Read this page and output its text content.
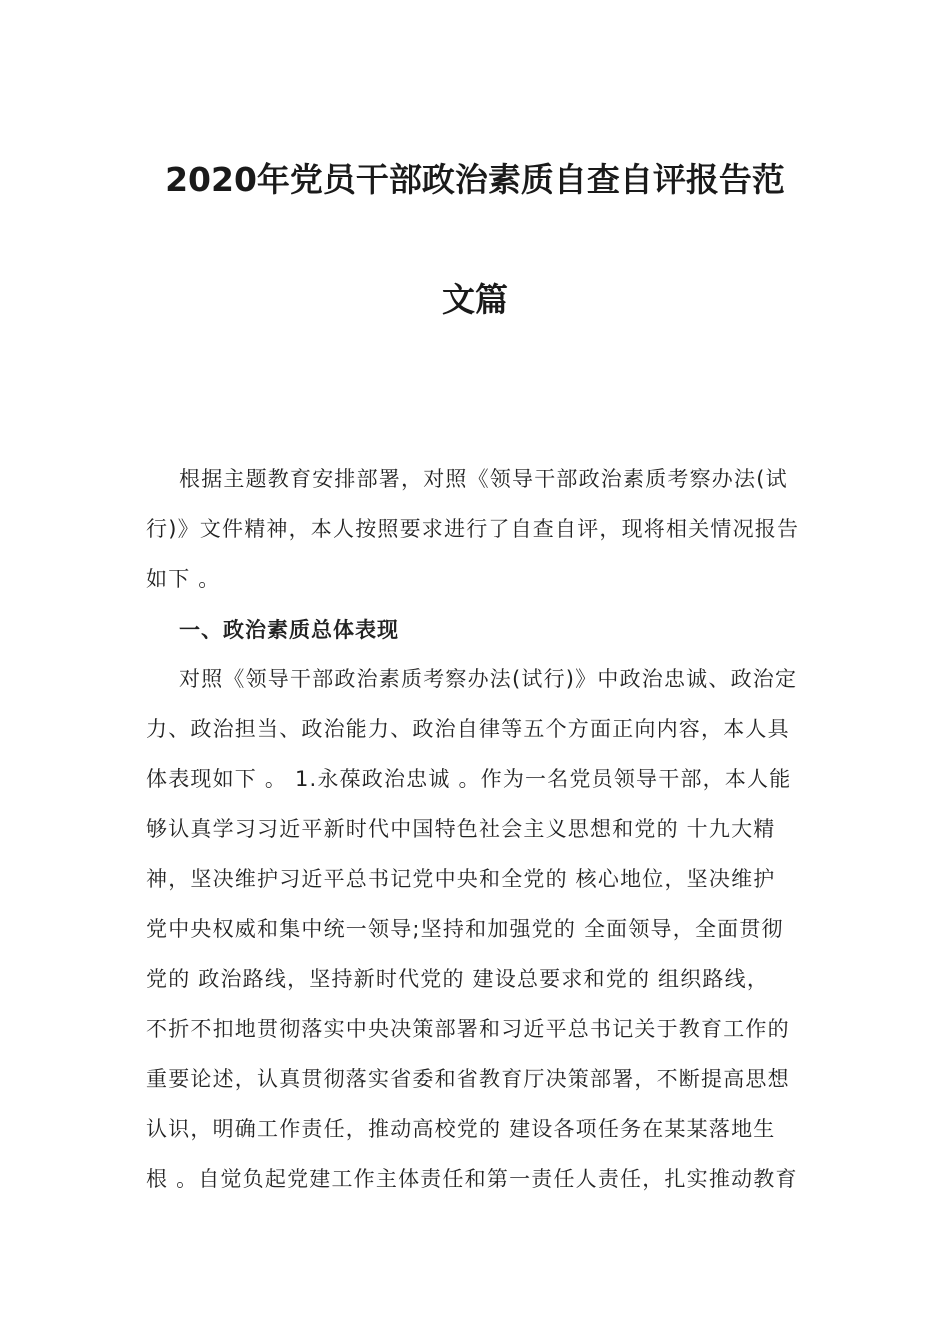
2020年党员干部政治素质自查自评报告范
文篇
根据主题教育安排部署，对照《领导干部政治素质考察办法(试
行)》文件精神，本人按照要求进行了自查自评，现将相关情况报告
如下 。
一、政治素质总体表现
对照《领导干部政治素质考察办法(试行)》中政治忠诚、政治定
力、政治担当、政治能力、政治自律等五个方面正向内容，本人具
体表现如下 。 1.永葆政治忠诚 。作为一名党员领导干部，本人能
够认真学习习近平新时代中国特色社会主义思想和党的 十九大精
神，坚决维护习近平总书记党中央和全党的 核心地位，坚决维护
党中央权威和集中统一领导;坚持和加强党的 全面领导，全面贯彻
党的 政治路线，坚持新时代党的 建设总要求和党的 组织路线，
不折不扣地贯彻落实中央决策部署和习近平总书记关于教育工作的
重要论述，认真贯彻落实省委和省教育厅决策部署，不断提高思想
认识，明确工作责任，推动高校党的 建设各项任务在某某落地生
根 。自觉负起党建工作主体责任和第一责任人责任，扎实推动教育
